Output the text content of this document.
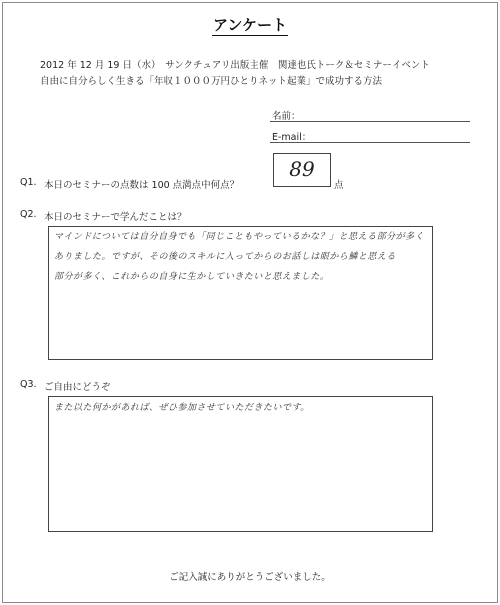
アンケート
2012 年 12 月 19 日（水）　サンクチュアリ出版主催　関達也氏トーク＆セミナーイベント
自由に自分らしく生きる「年収１０００万円ひとりネット起業」で成功する方法
名前：
E-mail：
Q1. 本日のセミナーの点数は 100 点満点中何点？
89
点
Q2. 本日のセミナーで学んだことは？
マインドについては自分自身でも「同じこともやっているかな？」と思える部分が多く
ありました。ですが、その後のスキルに入ってからのお話しは眼から鱗と思える
部分が多く、これからの自身に生かしていきたいと思えました。
Q3. ご自由にどうぞ
また以た何かがあれば、ぜひ参加させていただきたいです。
ご記入誠にありがとうございました。
